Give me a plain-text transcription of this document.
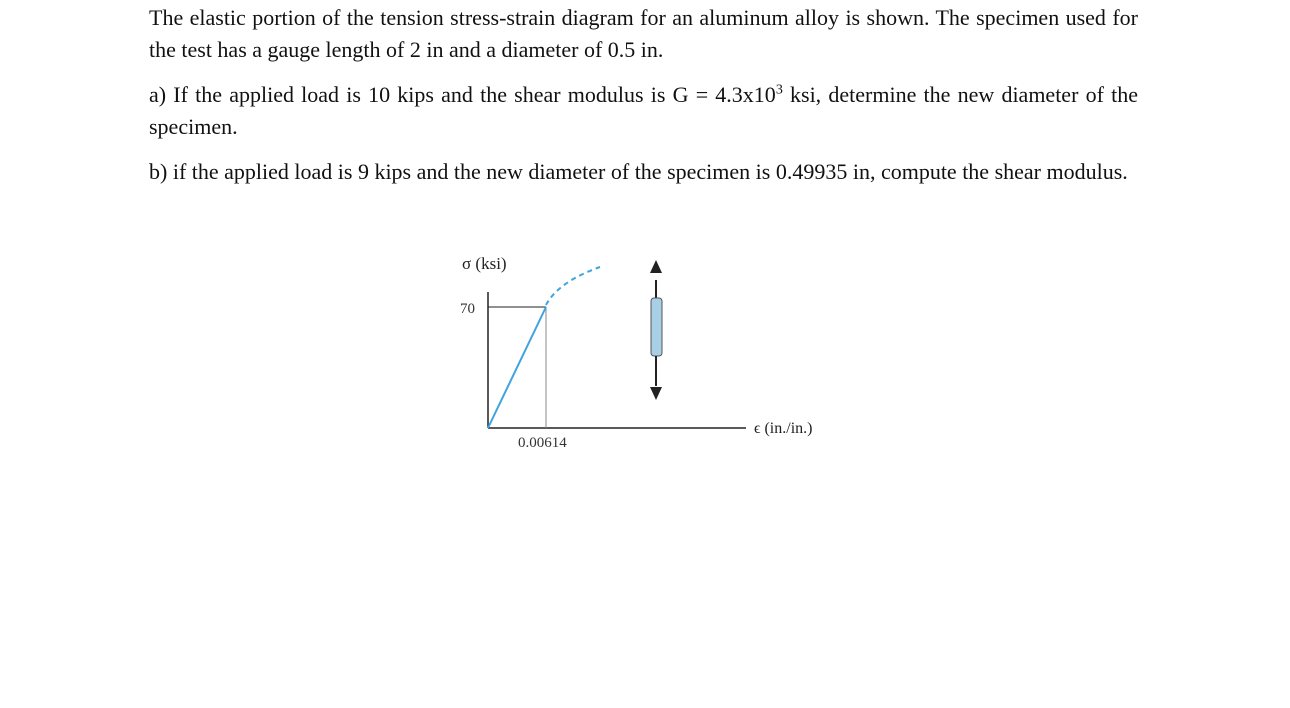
The elastic portion of the tension stress-strain diagram for an aluminum alloy is shown. The specimen used for the test has a gauge length of 2 in and a diameter of 0.5 in.

a) If the applied load is 10 kips and the shear modulus is $G = 4.3x10^3$ ksi, determine the new diameter of the specimen.

b) if the applied load is 9 kips and the new diameter of the specimen is 0.49935 in, compute the shear modulus.

σ (ksi)
70
0.00614
ϵ (in./in.)
